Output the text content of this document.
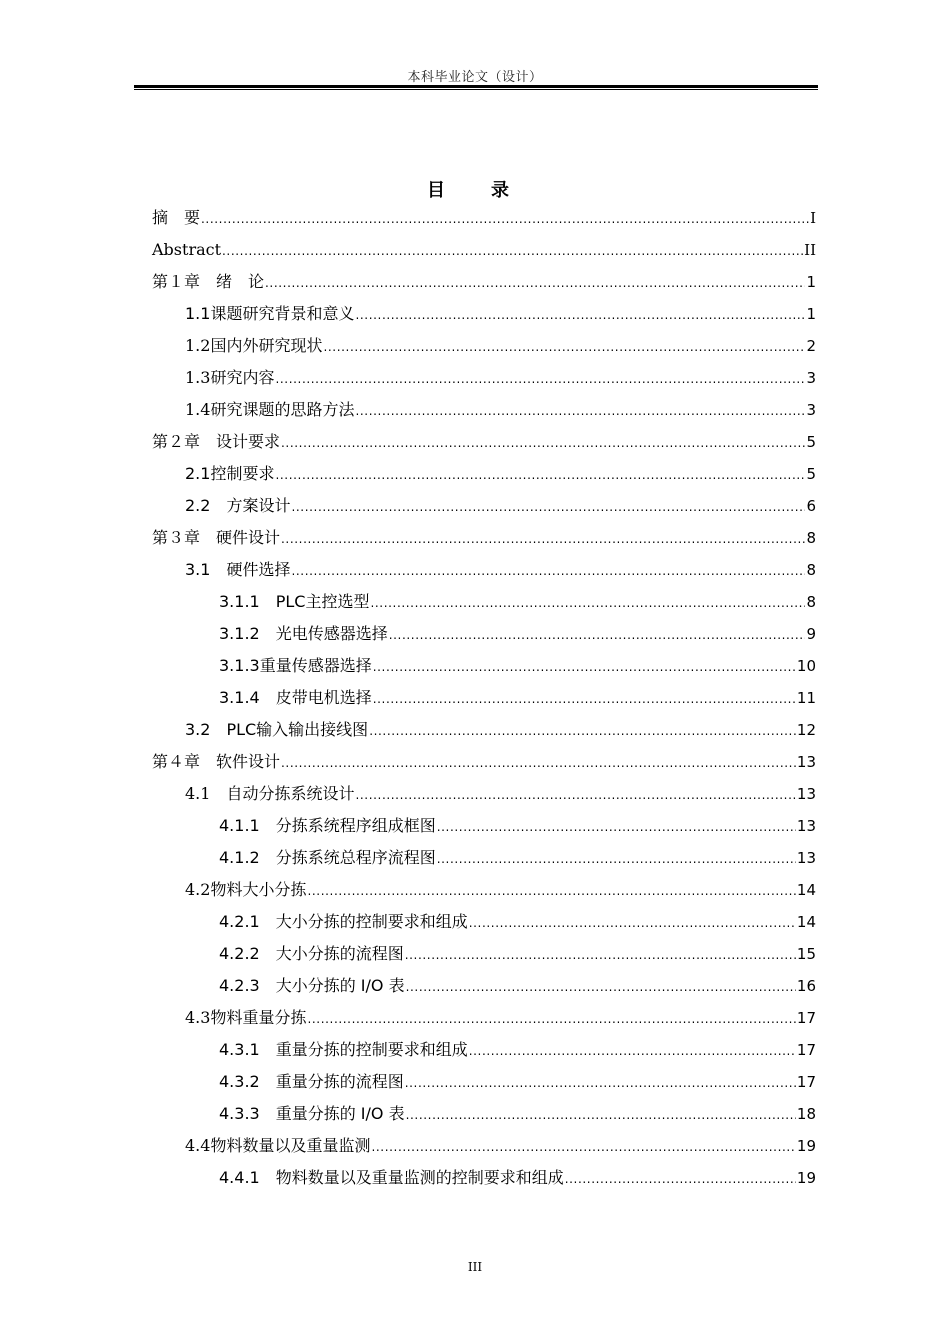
本科毕业论文（设计）
目　录
摘　要 .....	I
Abstract .....	II
第１章　绪　论 .....	1
1.1课题研究背景和意义 .....	1
1.2国内外研究现状 .....	2
1.3研究内容 .....	3
1.4研究课题的思路方法 .....	3
第２章　设计要求 .....	5
2.1控制要求 .....	5
2.2　方案设计 .....	6
第３章　硬件设计 .....	8
3.1　硬件选择 .....	8
3.1.1　PLC主控选型 .....	8
3.1.2　光电传感器选择 .....	9
3.1.3重量传感器选择 .....	10
3.1.4　皮带电机选择 .....	11
3.2　PLC输入输出接线图 .....	12
第４章　软件设计 .....	13
4.1　自动分拣系统设计 .....	13
4.1.1　分拣系统程序组成框图 .....	13
4.1.2　分拣系统总程序流程图 .....	13
4.2物料大小分拣 .....	14
4.2.1　大小分拣的控制要求和组成 .....	14
4.2.2　大小分拣的流程图 .....	15
4.2.3　大小分拣的 I/O 表 .....	16
4.3物料重量分拣 .....	17
4.3.1　重量分拣的控制要求和组成 .....	17
4.3.2　重量分拣的流程图 .....	17
4.3.3　重量分拣的 I/O 表 .....	18
4.4物料数量以及重量监测 .....	19
4.4.1　物料数量以及重量监测的控制要求和组成 .....	19
III
